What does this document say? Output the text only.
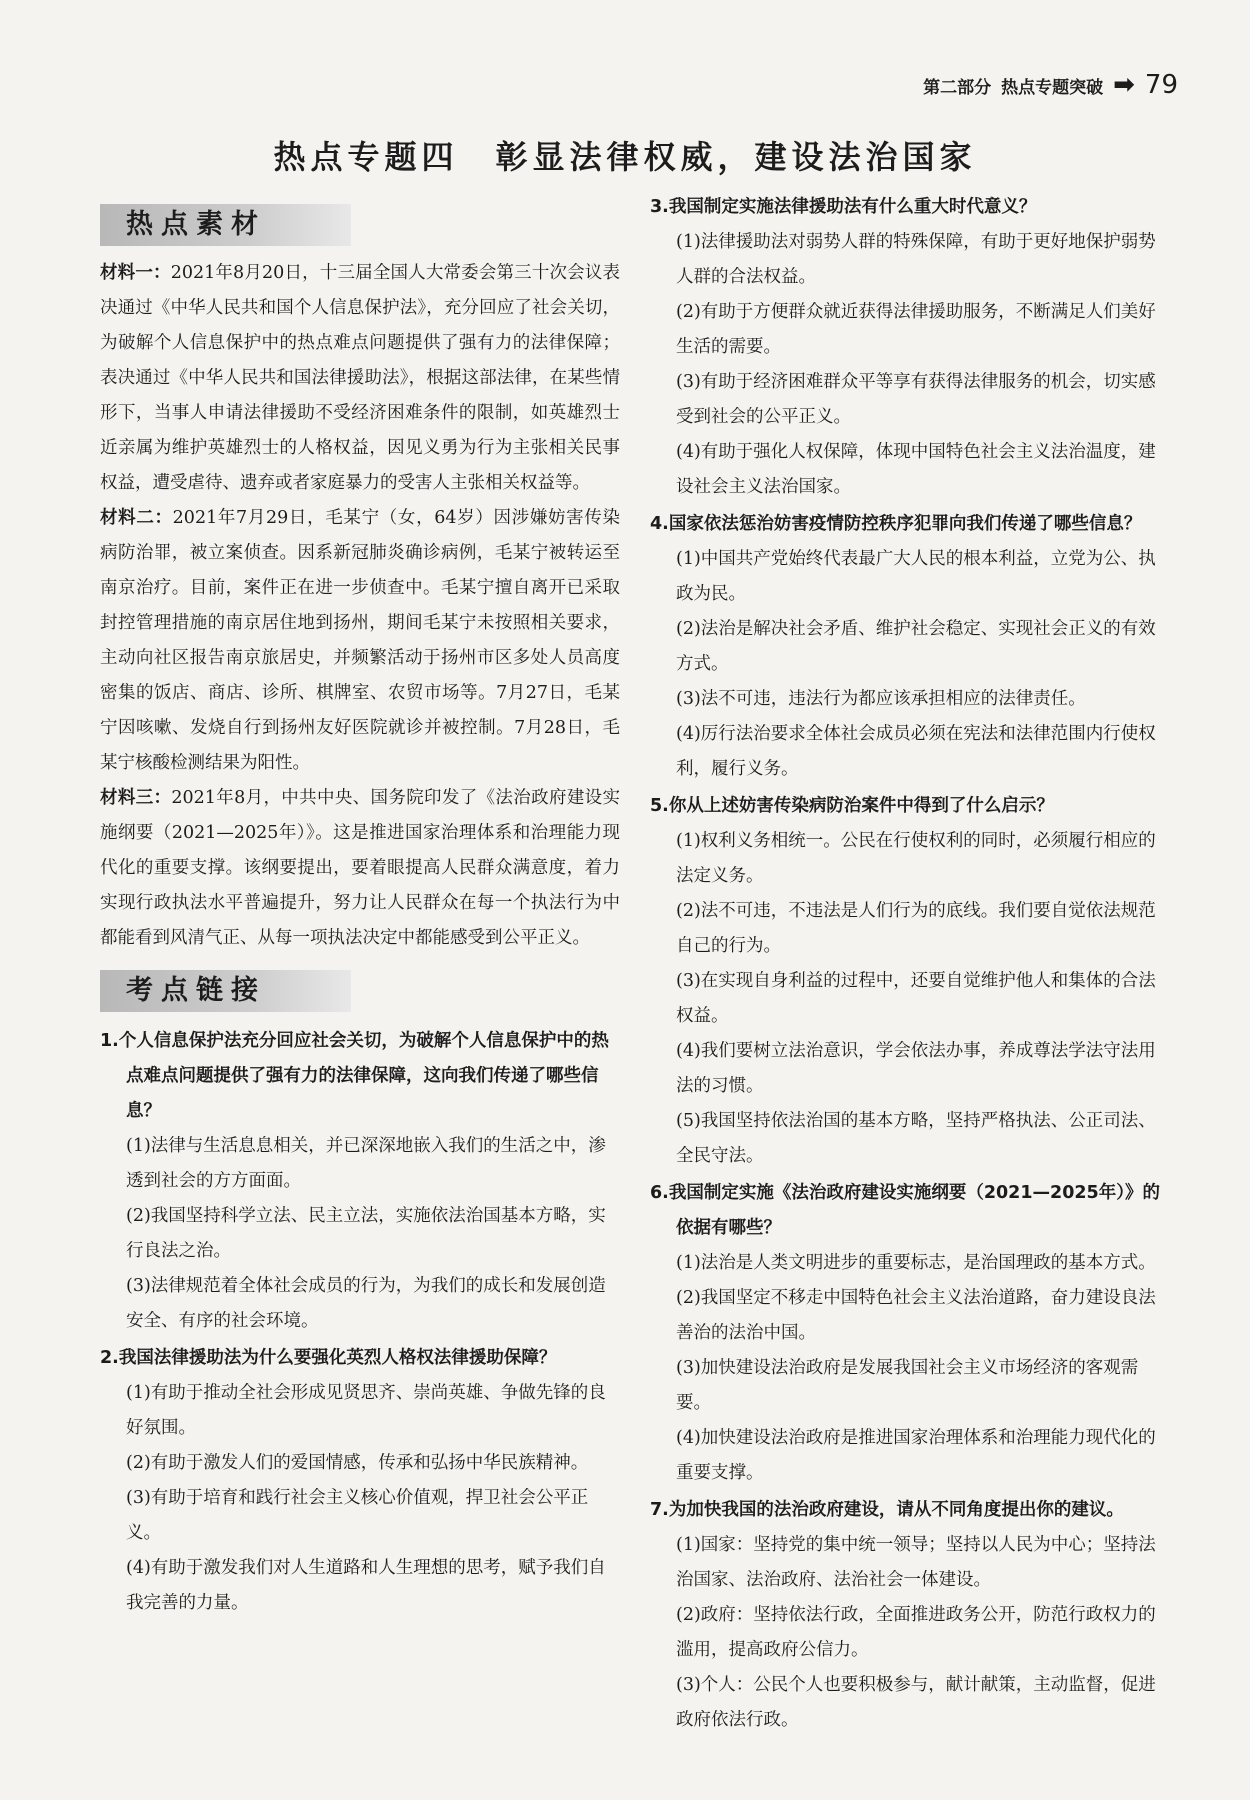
第二部分 热点专题突破 ➡ 79
热点专题四　彰显法律权威，建设法治国家
热点素材
材料一：2021年8月20日，十三届全国人大常委会第三十次会议表决通过《中华人民共和国个人信息保护法》，充分回应了社会关切，为破解个人信息保护中的热点难点问题提供了强有力的法律保障；表决通过《中华人民共和国法律援助法》，根据这部法律，在某些情形下，当事人申请法律援助不受经济困难条件的限制，如英雄烈士近亲属为维护英雄烈士的人格权益，因见义勇为行为主张相关民事权益，遭受虐待、遗弃或者家庭暴力的受害人主张相关权益等。
材料二：2021年7月29日，毛某宁（女，64岁）因涉嫌妨害传染病防治罪，被立案侦查。因系新冠肺炎确诊病例，毛某宁被转运至南京治疗。目前，案件正在进一步侦查中。毛某宁擅自离开已采取封控管理措施的南京居住地到扬州，期间毛某宁未按照相关要求，主动向社区报告南京旅居史，并频繁活动于扬州市区多处人员高度密集的饭店、商店、诊所、棋牌室、农贸市场等。7月27日，毛某宁因咳嗽、发烧自行到扬州友好医院就诊并被控制。7月28日，毛某宁核酸检测结果为阳性。
材料三：2021年8月，中共中央、国务院印发了《法治政府建设实施纲要（2021—2025年）》。这是推进国家治理体系和治理能力现代化的重要支撑。该纲要提出，要着眼提高人民群众满意度，着力实现行政执法水平普遍提升，努力让人民群众在每一个执法行为中都能看到风清气正、从每一项执法决定中都能感受到公平正义。
考点链接
1.个人信息保护法充分回应社会关切，为破解个人信息保护中的热点难点问题提供了强有力的法律保障，这向我们传递了哪些信息？
(1)法律与生活息息相关，并已深深地嵌入我们的生活之中，渗透到社会的方方面面。
(2)我国坚持科学立法、民主立法，实施依法治国基本方略，实行良法之治。
(3)法律规范着全体社会成员的行为，为我们的成长和发展创造安全、有序的社会环境。
2.我国法律援助法为什么要强化英烈人格权法律援助保障？
(1)有助于推动全社会形成见贤思齐、崇尚英雄、争做先锋的良好氛围。
(2)有助于激发人们的爱国情感，传承和弘扬中华民族精神。
(3)有助于培育和践行社会主义核心价值观，捍卫社会公平正义。
(4)有助于激发我们对人生道路和人生理想的思考，赋予我们自我完善的力量。
3.我国制定实施法律援助法有什么重大时代意义？
(1)法律援助法对弱势人群的特殊保障，有助于更好地保护弱势人群的合法权益。
(2)有助于方便群众就近获得法律援助服务，不断满足人们美好生活的需要。
(3)有助于经济困难群众平等享有获得法律服务的机会，切实感受到社会的公平正义。
(4)有助于强化人权保障，体现中国特色社会主义法治温度，建设社会主义法治国家。
4.国家依法惩治妨害疫情防控秩序犯罪向我们传递了哪些信息？
(1)中国共产党始终代表最广大人民的根本利益，立党为公、执政为民。
(2)法治是解决社会矛盾、维护社会稳定、实现社会正义的有效方式。
(3)法不可违，违法行为都应该承担相应的法律责任。
(4)厉行法治要求全体社会成员必须在宪法和法律范围内行使权利，履行义务。
5.你从上述妨害传染病防治案件中得到了什么启示？
(1)权利义务相统一。公民在行使权利的同时，必须履行相应的法定义务。
(2)法不可违，不违法是人们行为的底线。我们要自觉依法规范自己的行为。
(3)在实现自身利益的过程中，还要自觉维护他人和集体的合法权益。
(4)我们要树立法治意识，学会依法办事，养成尊法学法守法用法的习惯。
(5)我国坚持依法治国的基本方略，坚持严格执法、公正司法、全民守法。
6.我国制定实施《法治政府建设实施纲要（2021—2025年）》的依据有哪些？
(1)法治是人类文明进步的重要标志，是治国理政的基本方式。
(2)我国坚定不移走中国特色社会主义法治道路，奋力建设良法善治的法治中国。
(3)加快建设法治政府是发展我国社会主义市场经济的客观需要。
(4)加快建设法治政府是推进国家治理体系和治理能力现代化的重要支撑。
7.为加快我国的法治政府建设，请从不同角度提出你的建议。
(1)国家：坚持党的集中统一领导；坚持以人民为中心；坚持法治国家、法治政府、法治社会一体建设。
(2)政府：坚持依法行政，全面推进政务公开，防范行政权力的滥用，提高政府公信力。
(3)个人：公民个人也要积极参与，献计献策，主动监督，促进政府依法行政。
